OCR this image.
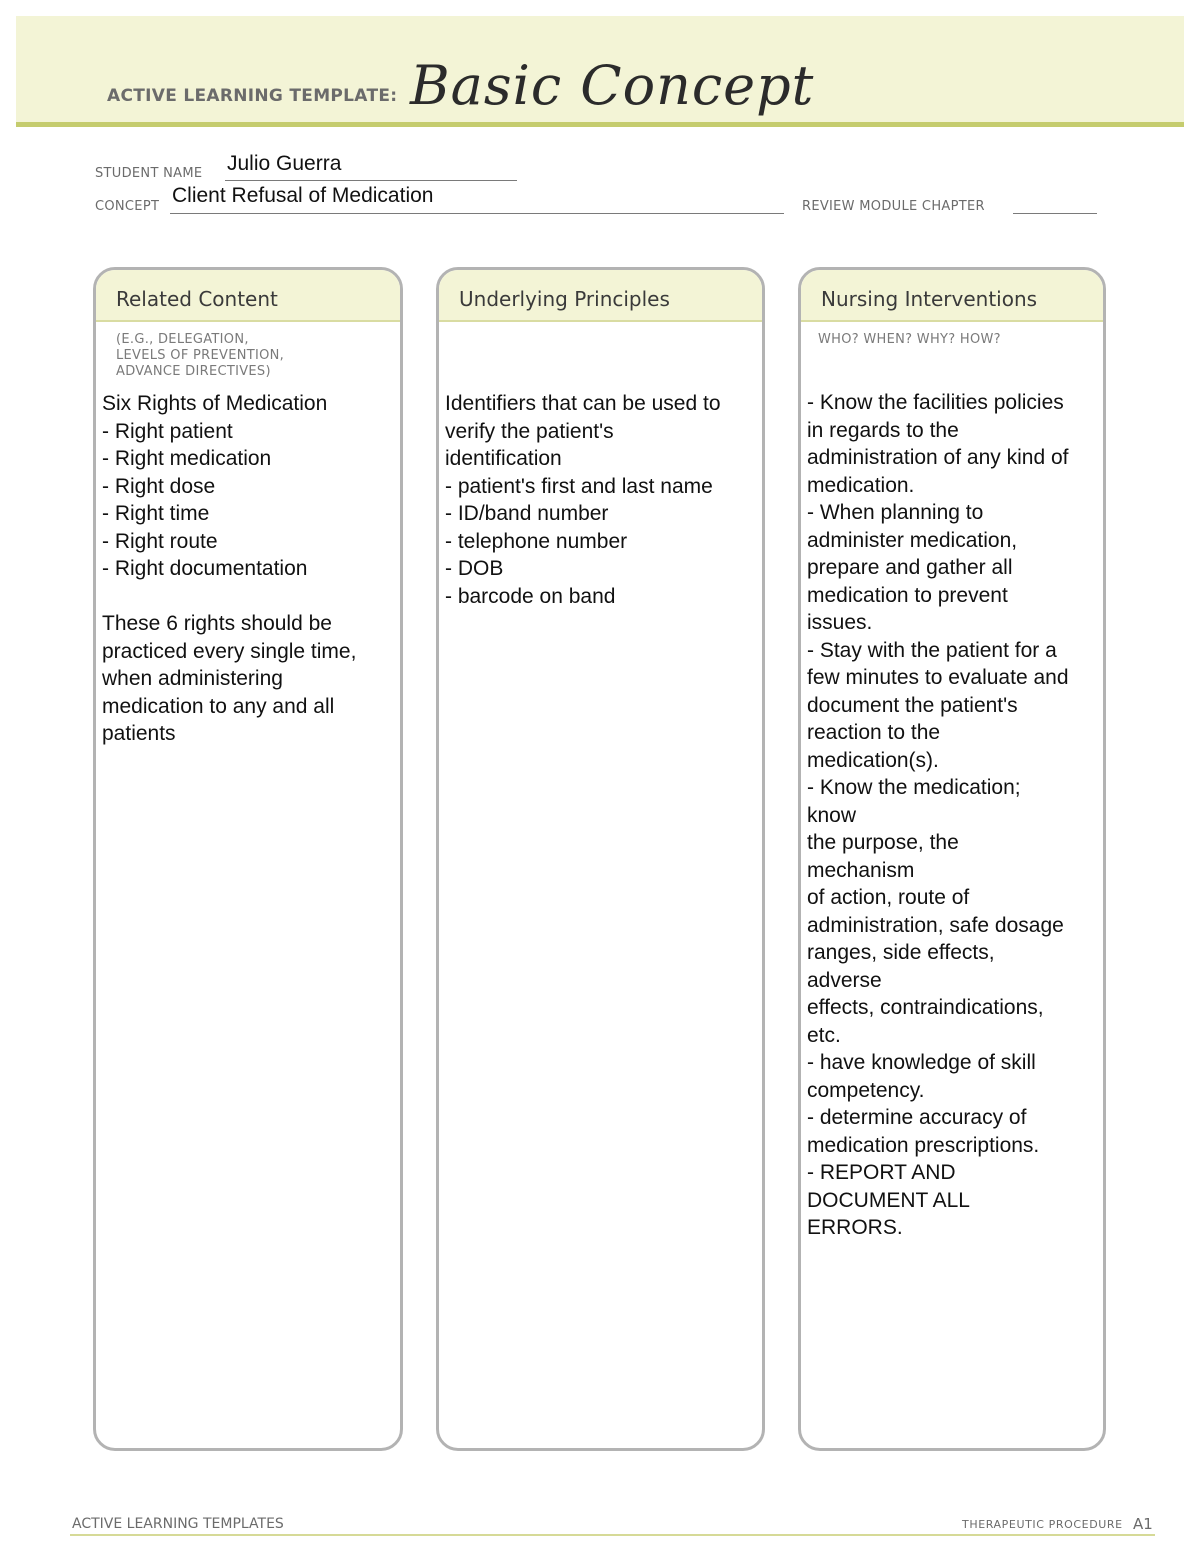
ACTIVE LEARNING TEMPLATE: Basic Concept
STUDENT NAME Julio Guerra
CONCEPT Client Refusal of Medication	REVIEW MODULE CHAPTER
Related Content
(E.G., DELEGATION,
LEVELS OF PREVENTION,
ADVANCE DIRECTIVES)
Six Rights of Medication
- Right patient
- Right medication
- Right dose
- Right time
- Right route
- Right documentation
These 6 rights should be
practiced every single time,
when administering
medication to any and all
patients
Underlying Principles
Identifiers that can be used to
verify the patient's
identification
- patient's first and last name
- ID/band number
- telephone number
- DOB
- barcode on band
Nursing Interventions
WHO? WHEN? WHY? HOW?
- Know the facilities policies
in regards to the
administration of any kind of
medication.
- When planning to
administer medication,
prepare and gather all
medication to prevent
issues.
- Stay with the patient for a
few minutes to evaluate and
document the patient's
reaction to the
medication(s).
- Know the medication;
know
the purpose, the
mechanism
of action, route of
administration, safe dosage
ranges, side effects,
adverse
effects, contraindications,
etc.
- have knowledge of skill
competency.
- determine accuracy of
medication prescriptions.
- REPORT AND
DOCUMENT ALL
ERRORS.
ACTIVE LEARNING TEMPLATES	THERAPEUTIC PROCEDURE A1
